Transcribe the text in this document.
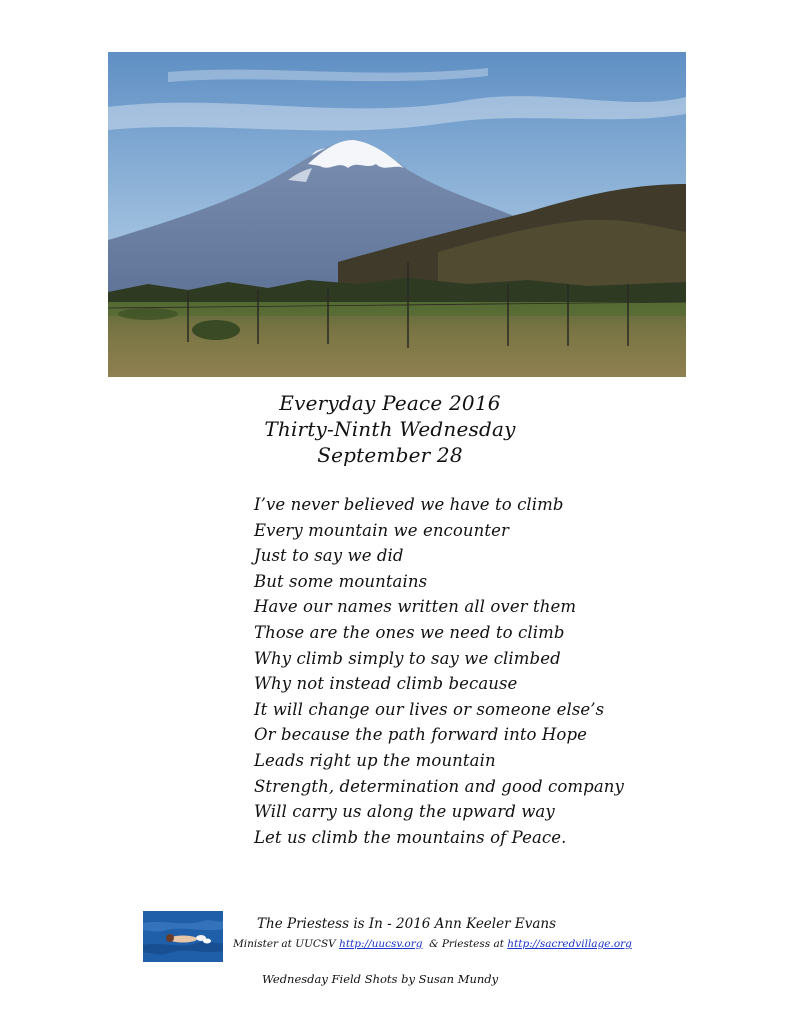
Everyday Peace 2016
Thirty-Ninth Wednesday
September 28
I’ve never believed we have to climb
Every mountain we encounter
Just to say we did
But some mountains
Have our names written all over them
Those are the ones we need to climb
Why climb simply to say we climbed
Why not instead climb because
It will change our lives or someone else’s
Or because the path forward into Hope
Leads right up the mountain
Strength, determination and good company
Will carry us along the upward way
Let us climb the mountains of Peace.
The Priestess is In - 2016 Ann Keeler Evans
Minister at UUCSV http://uucsv.org  & Priestess at http://sacredvillage.org
Wednesday Field Shots by Susan Mundy
